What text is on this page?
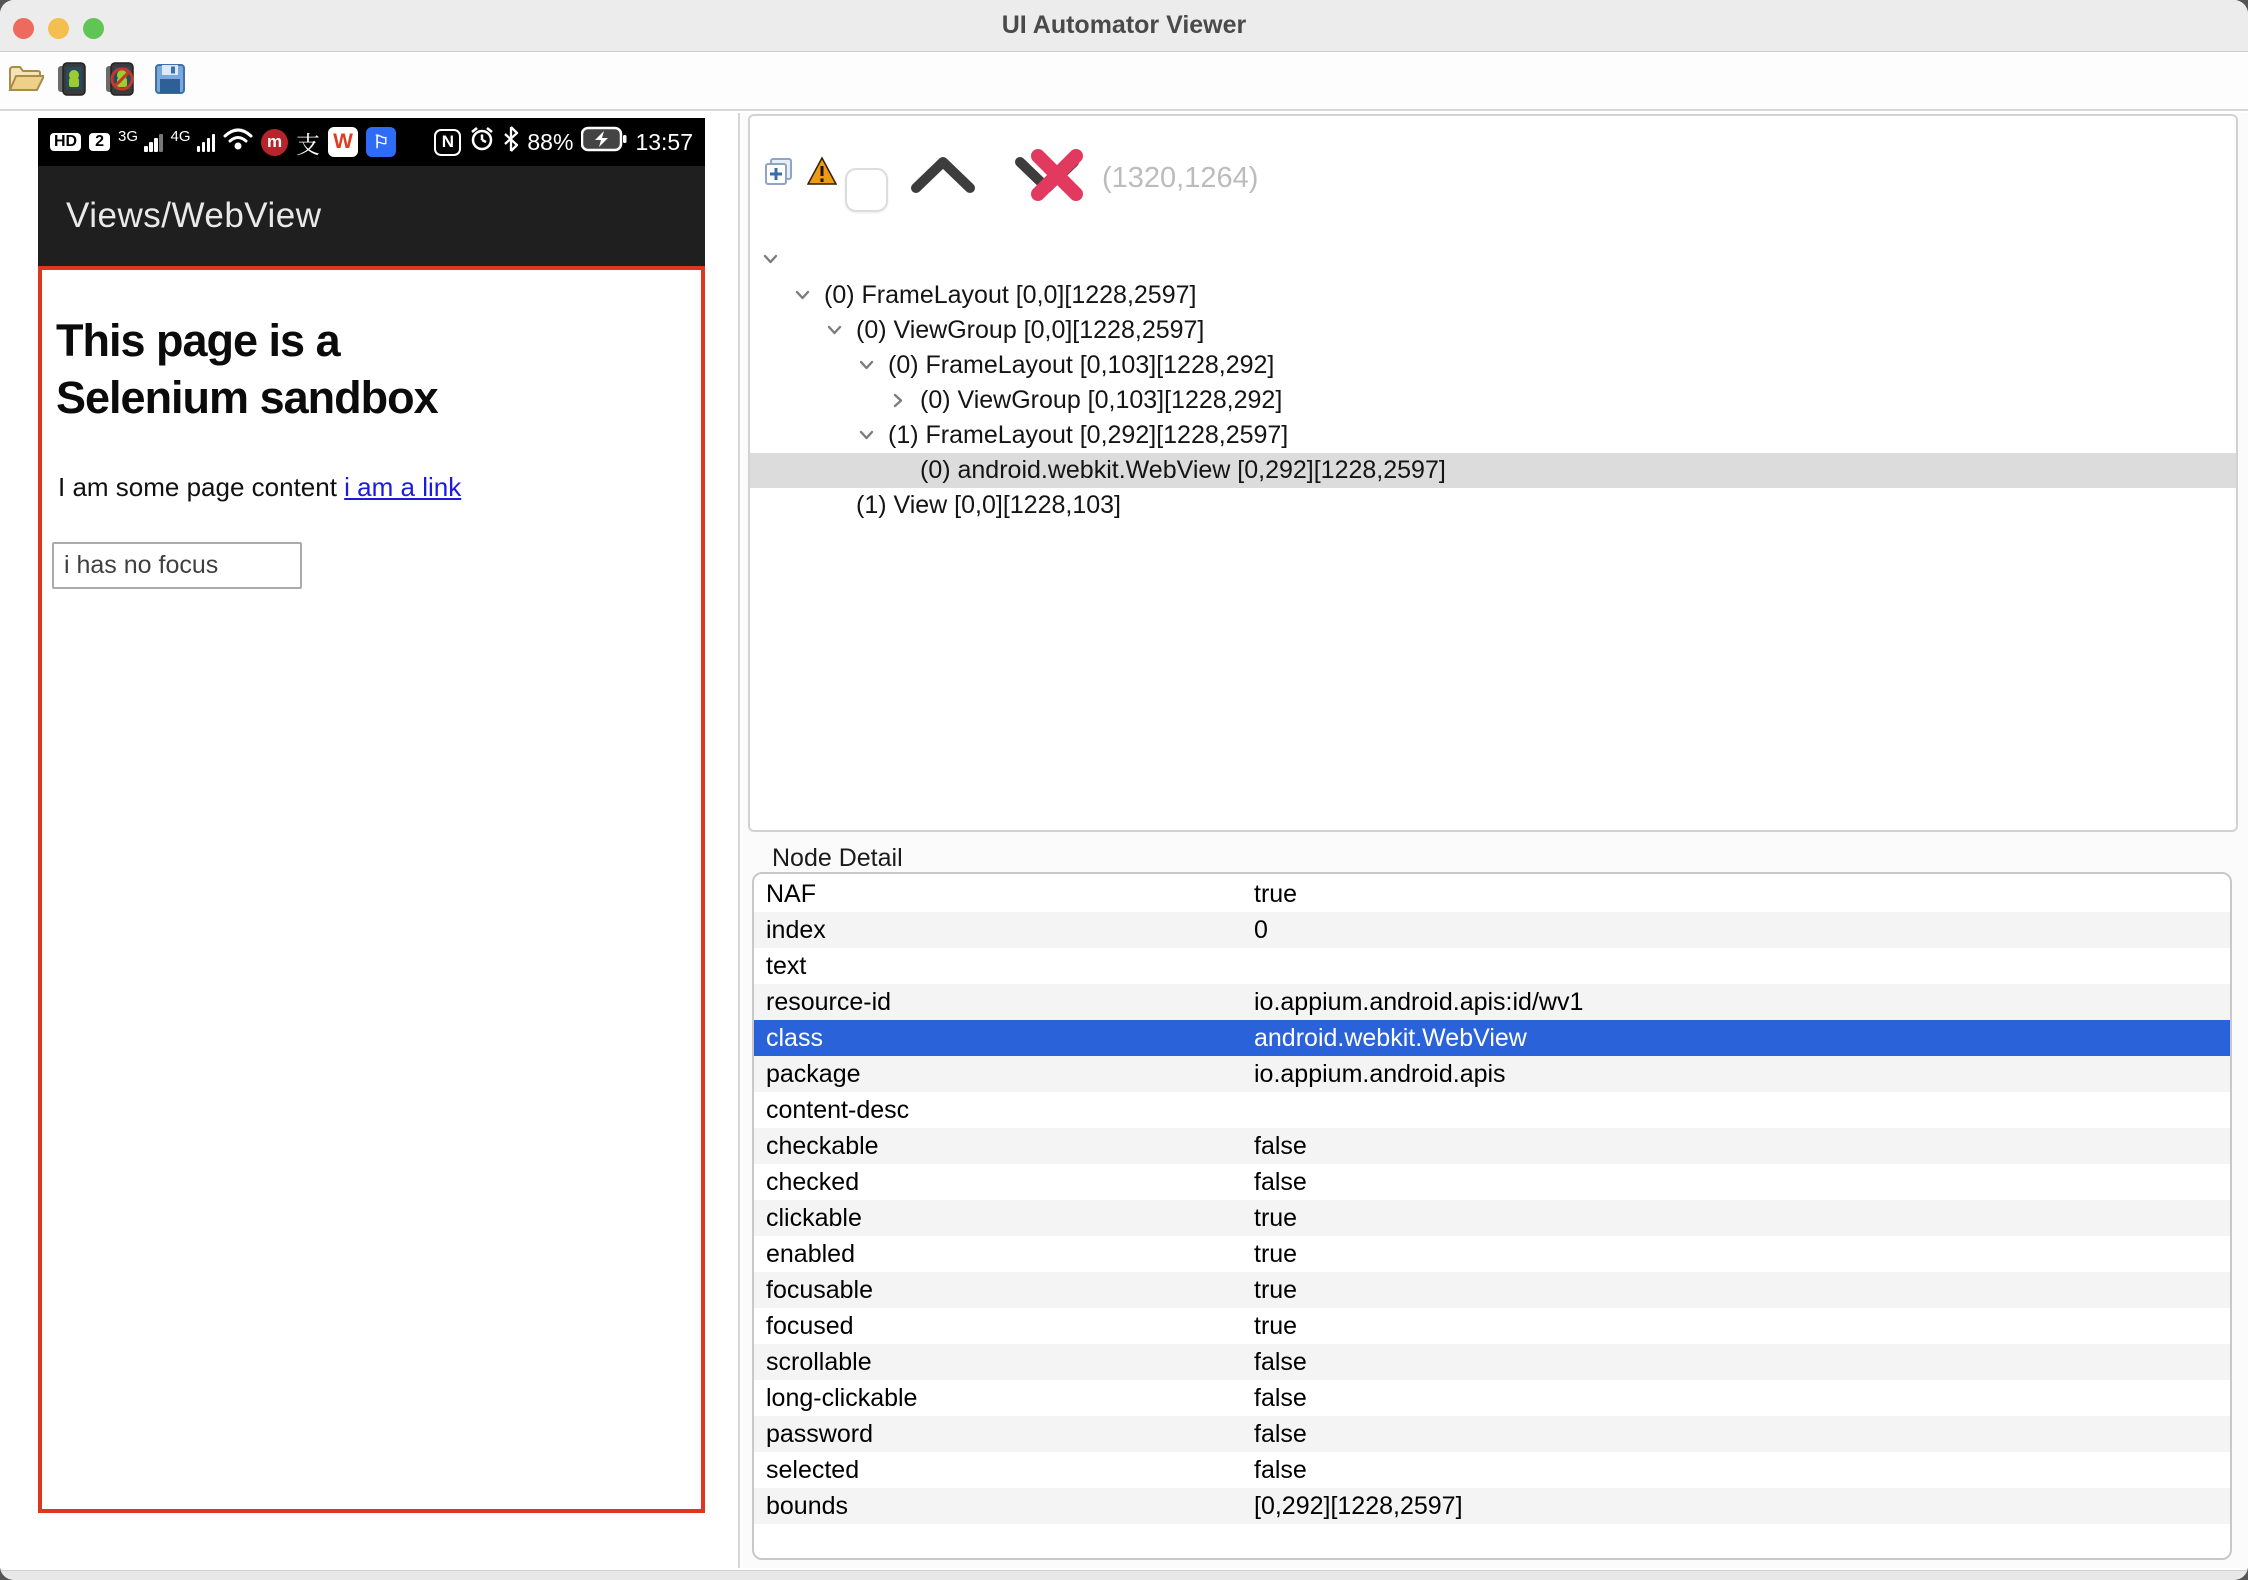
UI Automator Viewer
HD	2 3G 4G	m 支 W	⚐	N	88%	13:57
Views/WebView
This page is a Selenium sandbox
I am some page content i am a link
i has no focus
(1320,1264)
(0) FrameLayout [0,0][1228,2597]
(0) ViewGroup [0,0][1228,2597]
(0) FrameLayout [0,103][1228,292]
(0) ViewGroup [0,103][1228,292]
(1) FrameLayout [0,292][1228,2597]
(0) android.webkit.WebView [0,292][1228,2597]
(1) View [0,0][1228,103]
Node Detail
NAF	true
index	0
text
resource-id	io.appium.android.apis:id/wv1
class	android.webkit.WebView
package	io.appium.android.apis
content-desc
checkable	false
checked	false
clickable	true
enabled	true
focusable	true
focused	true
scrollable	false
long-clickable	false
password	false
selected	false
bounds	[0,292][1228,2597]
